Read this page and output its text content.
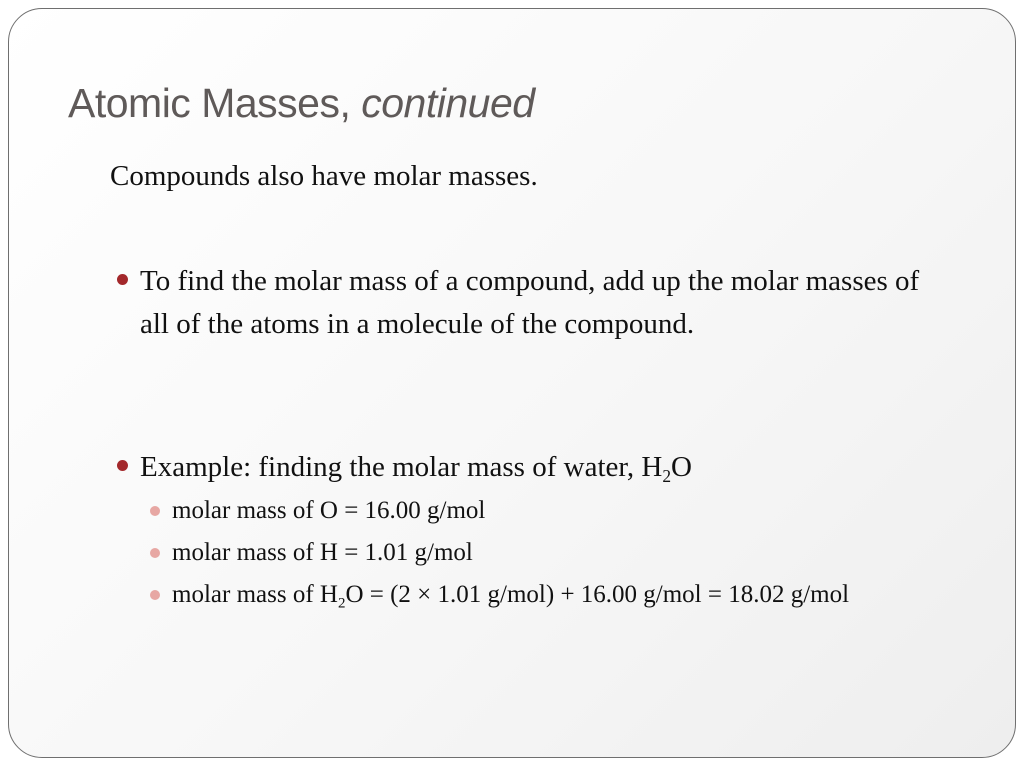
Atomic Masses, continued
Compounds also have molar masses.
To find the molar mass of a compound, add up the molar masses of all of the atoms in a molecule of the compound.
Example: finding the molar mass of water, $H_2O$
molar mass of O = 16.00 g/mol
molar mass of H = 1.01 g/mol
molar mass of $H_2O = (2 \times 1.01$ g/mol) + 16.00 g/mol = 18.02 g/mol
